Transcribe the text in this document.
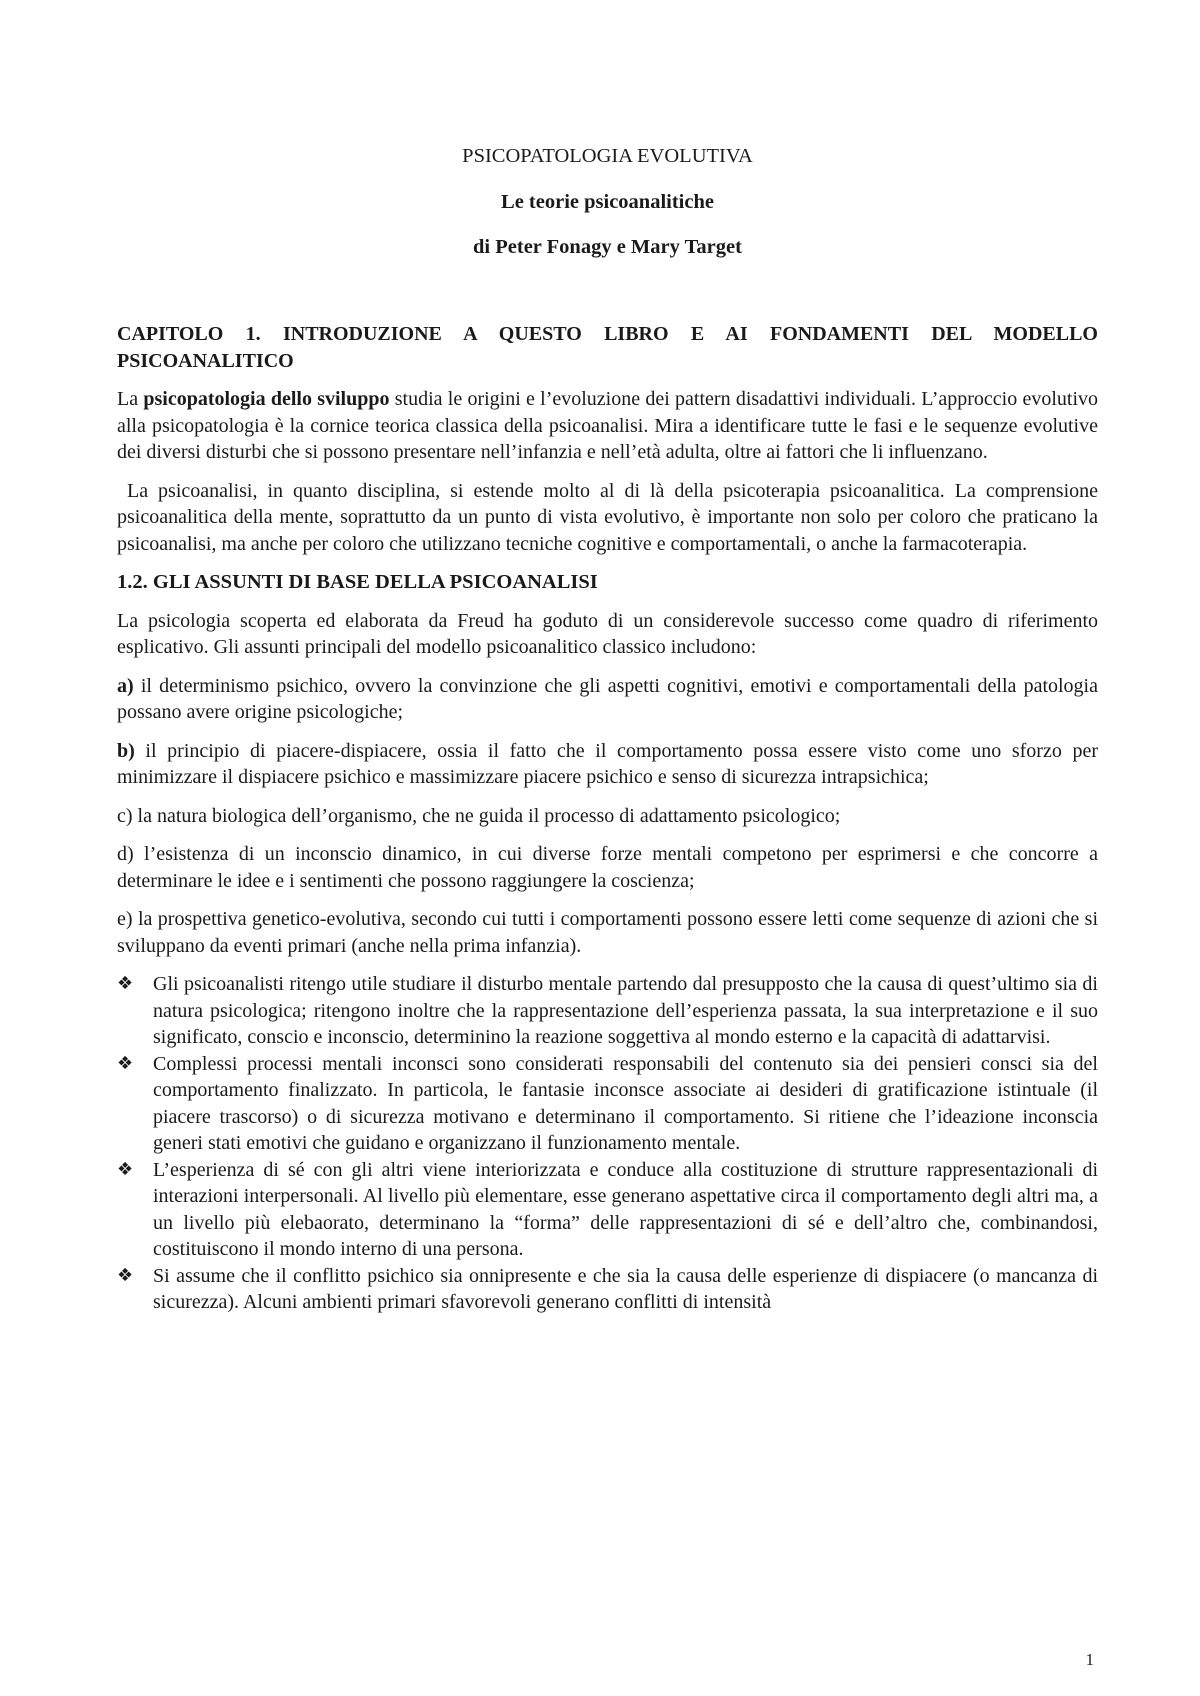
PSICOPATOLOGIA EVOLUTIVA

Le teorie psicoanalitiche

di Peter Fonagy e Mary Target

CAPITOLO 1. INTRODUZIONE A QUESTO LIBRO E AI FONDAMENTI DEL MODELLO PSICOANALITICO

La psicopatologia dello sviluppo studia le origini e l’evoluzione dei pattern disadattivi individuali. L’approccio evolutivo alla psicopatologia è la cornice teorica classica della psicoanalisi. Mira a identificare tutte le fasi e le sequenze evolutive dei diversi disturbi che si possono presentare nell’infanzia e nell’età adulta, oltre ai fattori che li influenzano.

La psicoanalisi, in quanto disciplina, si estende molto al di là della psicoterapia psicoanalitica. La comprensione psicoanalitica della mente, soprattutto da un punto di vista evolutivo, è importante non solo per coloro che praticano la psicoanalisi, ma anche per coloro che utilizzano tecniche cognitive e comportamentali, o anche la farmacoterapia.

1.2. GLI ASSUNTI DI BASE DELLA PSICOANALISI

La psicologia scoperta ed elaborata da Freud ha goduto di un considerevole successo come quadro di riferimento esplicativo. Gli assunti principali del modello psicoanalitico classico includono:

a) il determinismo psichico, ovvero la convinzione che gli aspetti cognitivi, emotivi e comportamentali della patologia possano avere origine psicologiche;

b) il principio di piacere-dispiacere, ossia il fatto che il comportamento possa essere visto come uno sforzo per minimizzare il dispiacere psichico e massimizzare piacere psichico e senso di sicurezza intrapsichica;

c) la natura biologica dell’organismo, che ne guida il processo di adattamento psicologico;

d) l’esistenza di un inconscio dinamico, in cui diverse forze mentali competono per esprimersi e che concorre a determinare le idee e i sentimenti che possono raggiungere la coscienza;

e) la prospettiva genetico-evolutiva, secondo cui tutti i comportamenti possono essere letti come sequenze di azioni che si sviluppano da eventi primari (anche nella prima infanzia).

❖ Gli psicoanalisti ritengo utile studiare il disturbo mentale partendo dal presupposto che la causa di quest’ultimo sia di natura psicologica; ritengono inoltre che la rappresentazione dell’esperienza passata, la sua interpretazione e il suo significato, conscio e inconscio, determinino la reazione soggettiva al mondo esterno e la capacità di adattarvisi.
❖ Complessi processi mentali inconsci sono considerati responsabili del contenuto sia dei pensieri consci sia del comportamento finalizzato. In particola, le fantasie inconsce associate ai desideri di gratificazione istintuale (il piacere trascorso) o di sicurezza motivano e determinano il comportamento. Si ritiene che l’ideazione inconscia generi stati emotivi che guidano e organizzano il funzionamento mentale.
❖ L’esperienza di sé con gli altri viene interiorizzata e conduce alla costituzione di strutture rappresentazionali di interazioni interpersonali. Al livello più elementare, esse generano aspettative circa il comportamento degli altri ma, a un livello più elebaorato, determinano la “forma” delle rappresentazioni di sé e dell’altro che, combinandosi, costituiscono il mondo interno di una persona.
❖ Si assume che il conflitto psichico sia onnipresente e che sia la causa delle esperienze di dispiacere (o mancanza di sicurezza). Alcuni ambienti primari sfavorevoli generano conflitti di intensità
1
